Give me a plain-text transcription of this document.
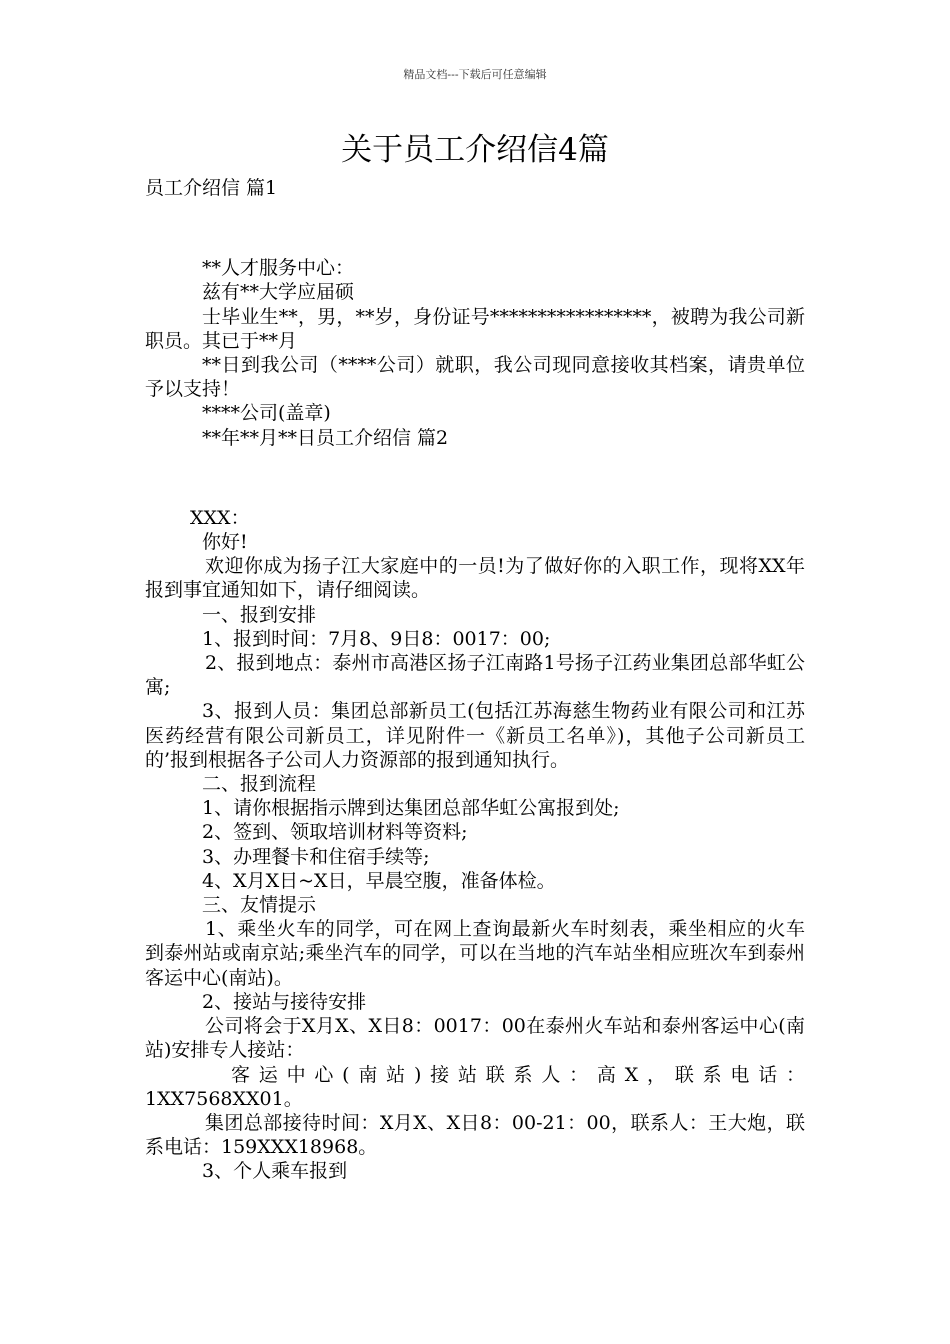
精品文档---下载后可任意编辑
关于员工介绍信4篇
员工介绍信 篇1
**人才服务中心：
兹有**大学应届硕
士毕业生**，男，**岁，身份证号*****************，被聘为我公司新职员。其已于**月
**日到我公司（****公司）就职，我公司现同意接收其档案，请贵单位予以支持！
****公司(盖章)
**年**月**日员工介绍信 篇2
XXX：
你好!
欢迎你成为扬子江大家庭中的一员!为了做好你的入职工作，现将XX年报到事宜通知如下，请仔细阅读。
一、报到安排
1、报到时间：7月8、9日8：0017：00;
2、报到地点：泰州市高港区扬子江南路1号扬子江药业集团总部华虹公寓;
3、报到人员：集团总部新员工(包括江苏海慈生物药业有限公司和江苏医药经营有限公司新员工，详见附件一《新员工名单》)，其他子公司新员工的’报到根据各子公司人力资源部的报到通知执行。
二、报到流程
1、请你根据指示牌到达集团总部华虹公寓报到处;
2、签到、领取培训材料等资料;
3、办理餐卡和住宿手续等;
4、X月X日~X日，早晨空腹，准备体检。
三、友情提示
1、乘坐火车的同学，可在网上查询最新火车时刻表，乘坐相应的火车到泰州站或南京站;乘坐汽车的同学，可以在当地的汽车站坐相应班次车到泰州客运中心(南站)。
2、接站与接待安排
公司将会于X月X、X日8：0017：00在泰州火车站和泰州客运中心(南站)安排专人接站：
客运中心(南站)接站联系人：高X，联系电话：
1XX7568XX01。
集团总部接待时间：X月X、X日8：00-21：00，联系人：王大炮，联系电话：159XXX18968。
3、个人乘车报到
